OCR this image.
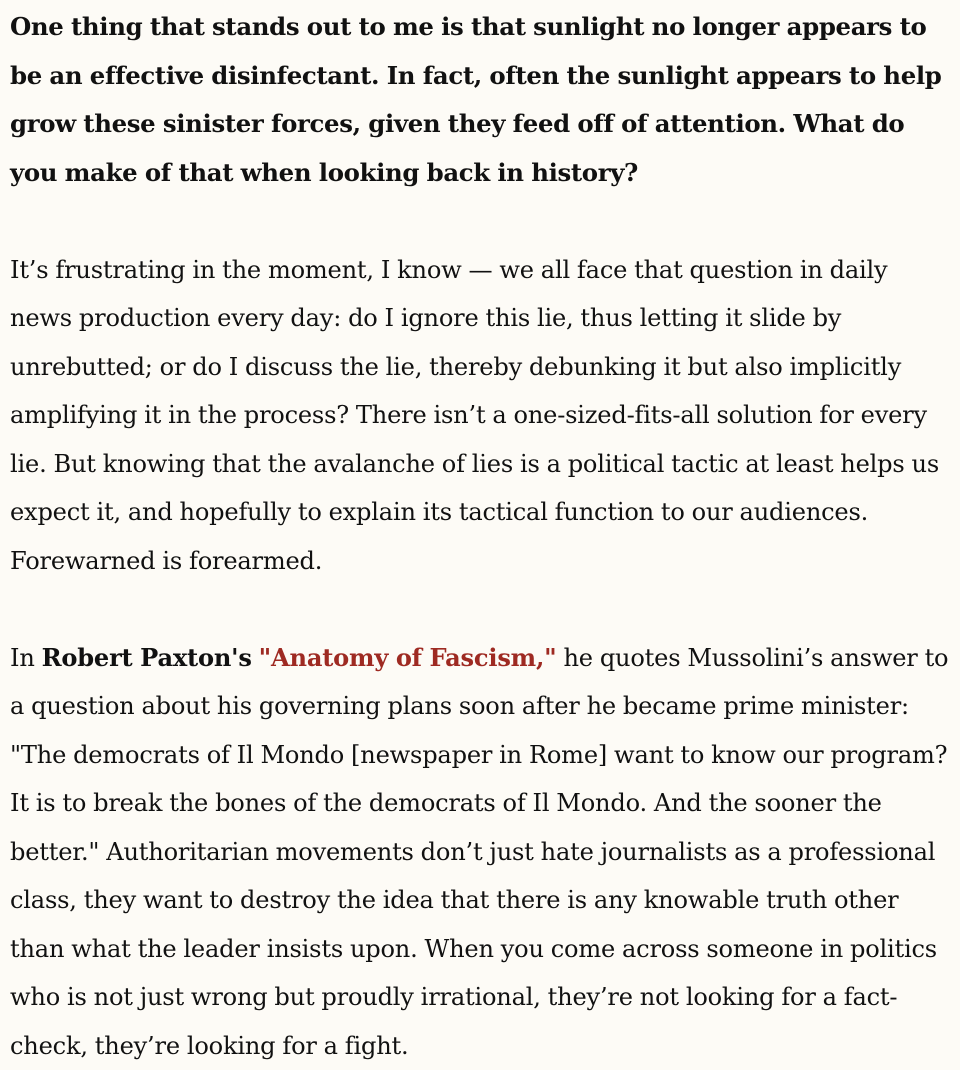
One thing that stands out to me is that sunlight no longer appears to be an effective disinfectant. In fact, often the sunlight appears to help grow these sinister forces, given they feed off of attention. What do you make of that when looking back in history?

It’s frustrating in the moment, I know — we all face that question in daily news production every day: do I ignore this lie, thus letting it slide by unrebutted; or do I discuss the lie, thereby debunking it but also implicitly amplifying it in the process? There isn’t a one-sized-fits-all solution for every lie. But knowing that the avalanche of lies is a political tactic at least helps us expect it, and hopefully to explain its tactical function to our audiences. Forewarned is forearmed.

In Robert Paxton's "Anatomy of Fascism," he quotes Mussolini’s answer to a question about his governing plans soon after he became prime minister: "The democrats of Il Mondo [newspaper in Rome] want to know our program? It is to break the bones of the democrats of Il Mondo. And the sooner the better." Authoritarian movements don’t just hate journalists as a professional class, they want to destroy the idea that there is any knowable truth other than what the leader insists upon. When you come across someone in politics who is not just wrong but proudly irrational, they’re not looking for a fact-check, they’re looking for a fight.
